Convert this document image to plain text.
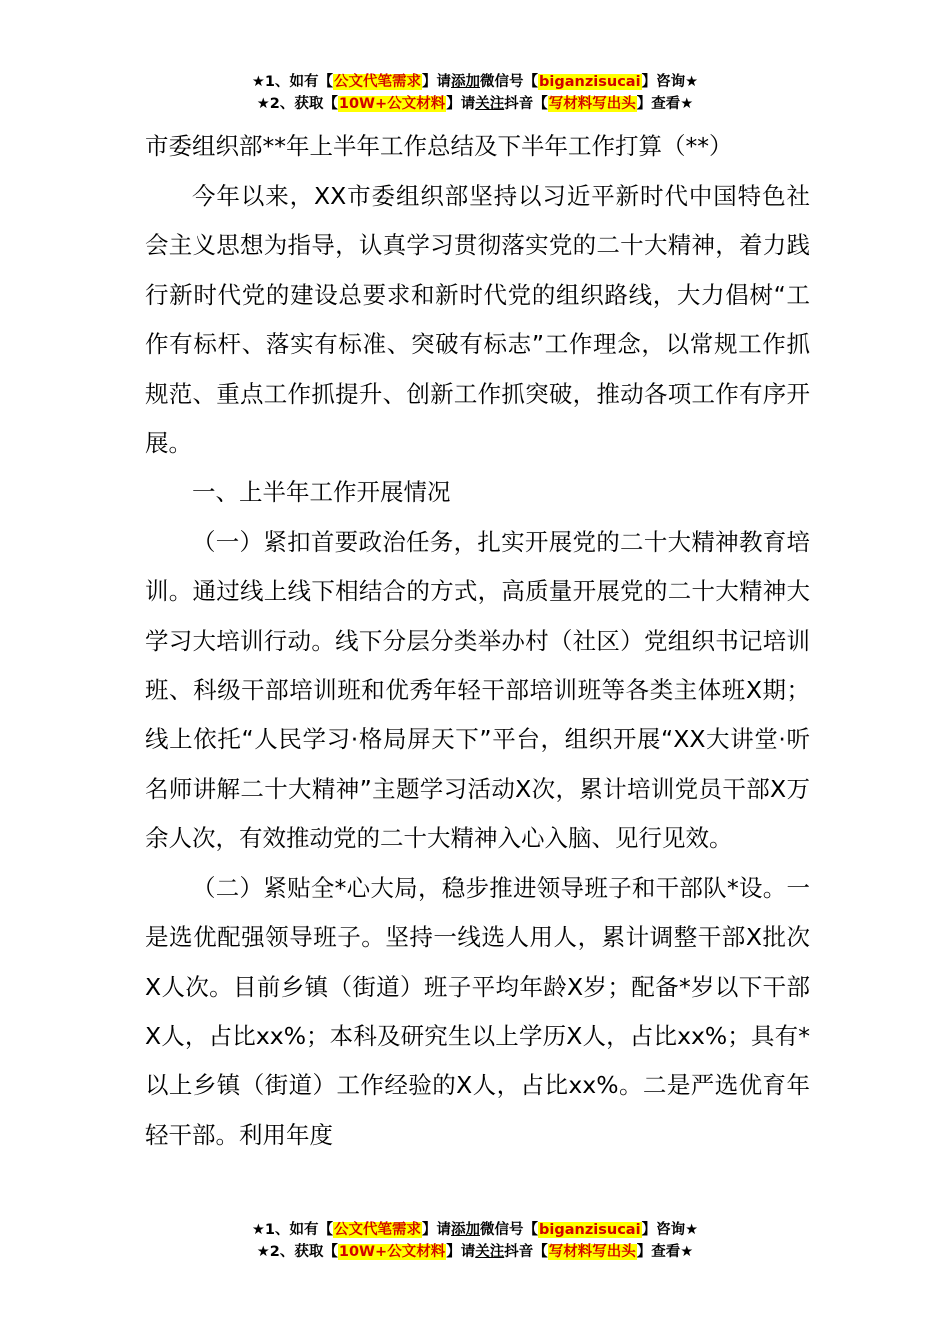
★1、如有【公文代笔需求】请添加微信号【biganzisucai】咨询★
★2、获取【10W+公文材料】请关注抖音【写材料写出头】查看★

市委组织部**年上半年工作总结及下半年工作打算（**）

今年以来，XX市委组织部坚持以习近平新时代中国特色社会主义思想为指导，认真学习贯彻落实党的二十大精神，着力践行新时代党的建设总要求和新时代党的组织路线，大力倡树“工作有标杆、落实有标准、突破有标志”工作理念，以常规工作抓规范、重点工作抓提升、创新工作抓突破，推动各项工作有序开展。

一、上半年工作开展情况

（一）紧扣首要政治任务，扎实开展党的二十大精神教育培训。通过线上线下相结合的方式，高质量开展党的二十大精神大学习大培训行动。线下分层分类举办村（社区）党组织书记培训班、科级干部培训班和优秀年轻干部培训班等各类主体班X期；线上依托“人民学习·格局屏天下”平台，组织开展“XX大讲堂·听名师讲解二十大精神”主题学习活动X次，累计培训党员干部X万余人次，有效推动党的二十大精神入心入脑、见行见效。

（二）紧贴全*心大局，稳步推进领导班子和干部队*设。一是选优配强领导班子。坚持一线选人用人，累计调整干部X批次X人次。目前乡镇（街道）班子平均年龄X岁；配备*岁以下干部X人，占比xx%；本科及研究生以上学历X人，占比xx%；具有*以上乡镇（街道）工作经验的X人，占比xx%。二是严选优育年轻干部。利用年度

★1、如有【公文代笔需求】请添加微信号【biganzisucai】咨询★
★2、获取【10W+公文材料】请关注抖音【写材料写出头】查看★
